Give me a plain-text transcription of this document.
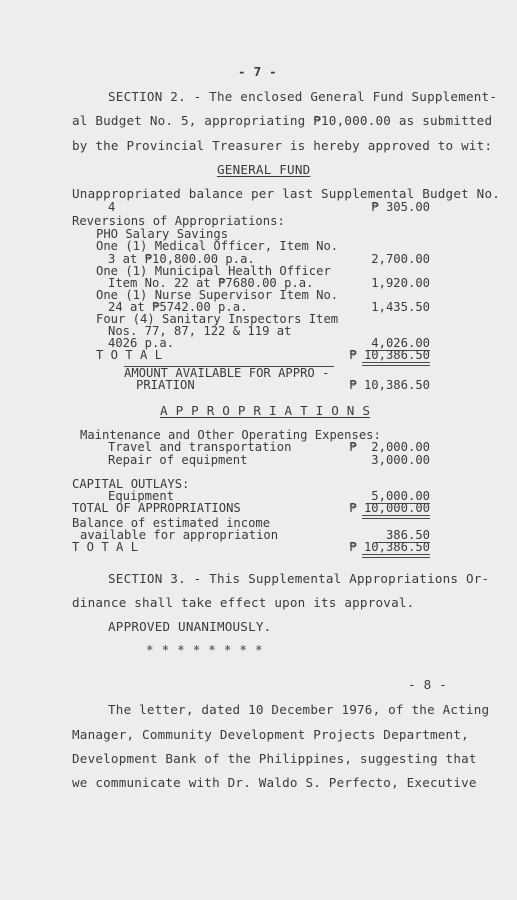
- 7 -
SECTION 2. - The enclosed General Fund Supplement-
al Budget No. 5, appropriating ₱10,000.00 as submitted
by the Provincial Treasurer is hereby approved to wit:
GENERAL FUND
Unappropriated balance per last Supplemental Budget No.
4	₱ 305.00
Reversions of Appropriations:
PHO Salary Savings
One (1) Medical Officer, Item No.
3 at ₱10,800.00 p.a.	2,700.00
One (1) Municipal Health Officer
Item No. 22 at ₱7680.00 p.a.	1,920.00
One (1) Nurse Supervisor Item No.
24 at ₱5742.00 p.a.	1,435.50
Four (4) Sanitary Inspectors Item
Nos. 77, 87, 122 & 119 at
4026 p.a.	4,026.00
T O T A L	₱ 10,386.50
AMOUNT AVAILABLE FOR APPRO -
PRIATION	₱ 10,386.50
A P P R O P R I A T I O N S
Maintenance and Other Operating Expenses:
Travel and transportation	₱  2,000.00
Repair of equipment	3,000.00
CAPITAL OUTLAYS:
Equipment	5,000.00
TOTAL OF APPROPRIATIONS	₱ 10,000.00
Balance of estimated income
available for appropriation	386.50
T O T A L	₱ 10,386.50
SECTION 3. - This Supplemental Appropriations Or-
dinance shall take effect upon its approval.
APPROVED UNANIMOUSLY.
* * * * * * * *
- 8 -
The letter, dated 10 December 1976, of the Acting
Manager, Community Development Projects Department,
Development Bank of the Philippines, suggesting that
we communicate with Dr. Waldo S. Perfecto, Executive
